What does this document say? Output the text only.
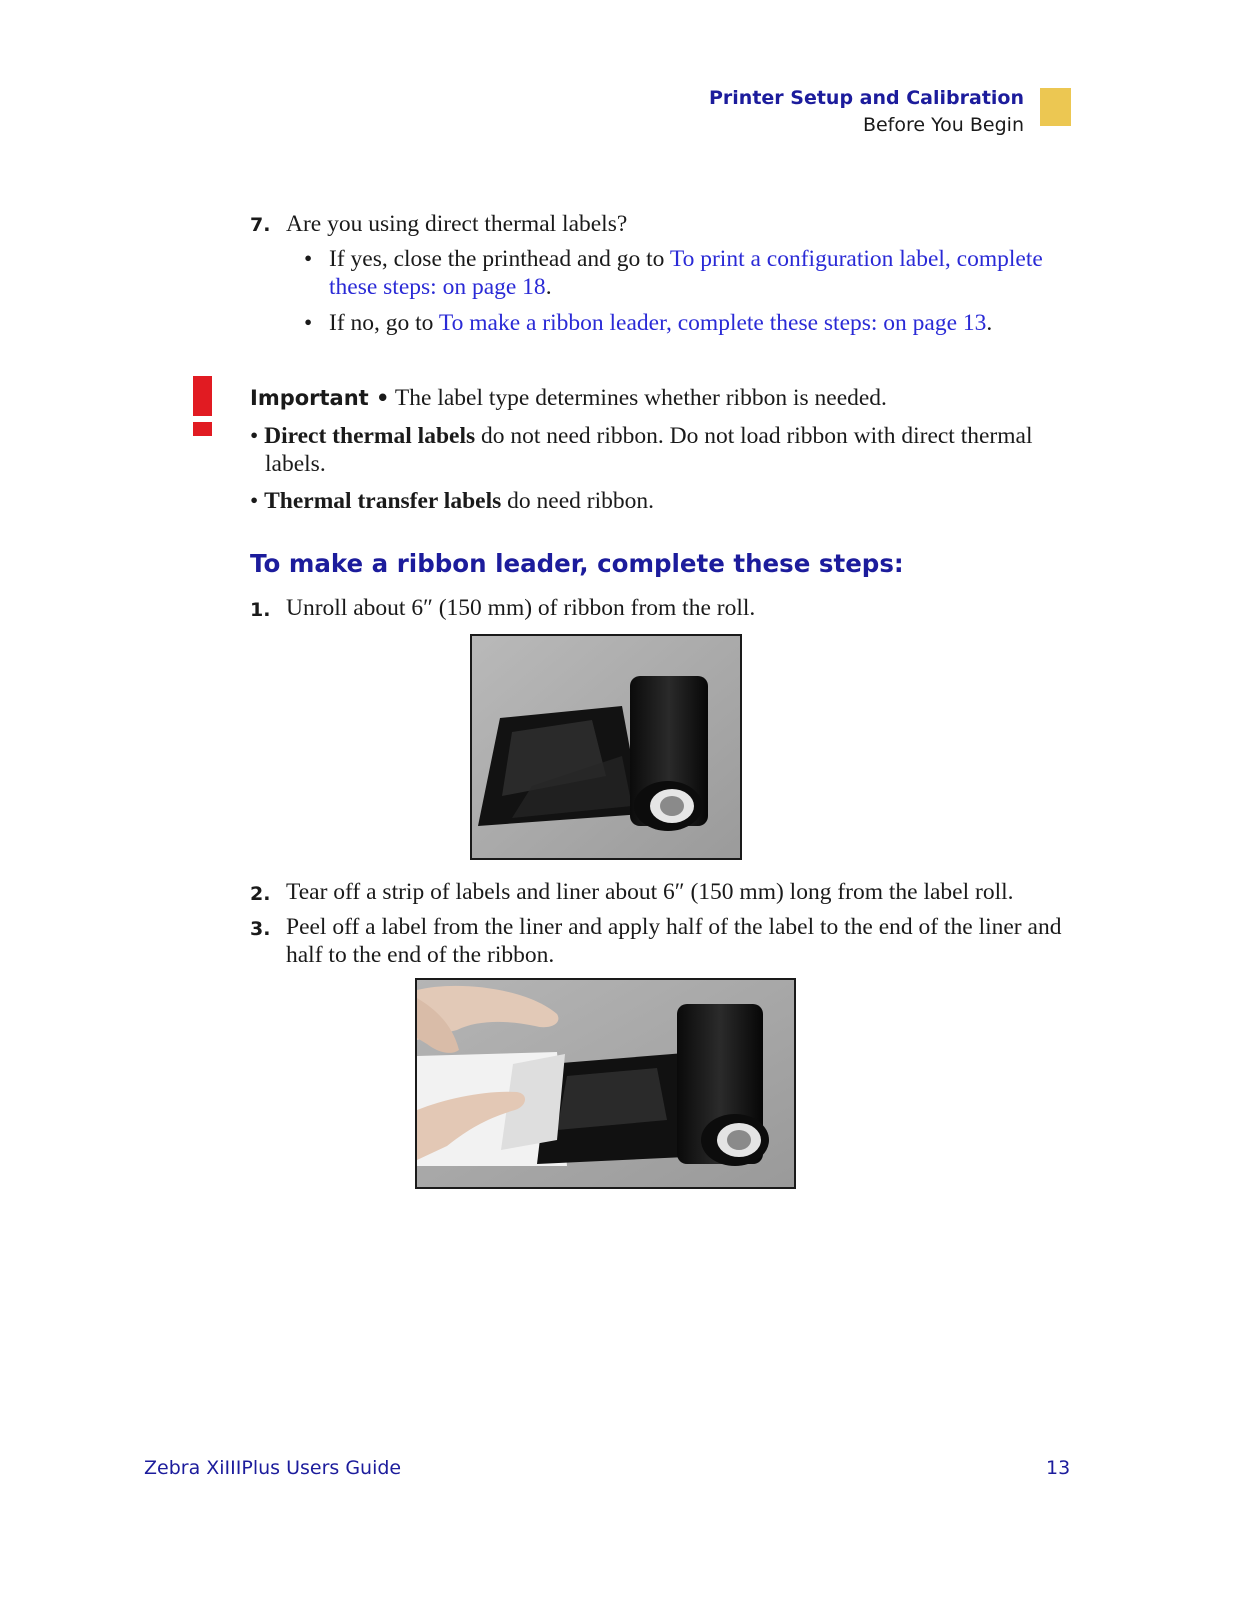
Printer Setup and Calibration
Before You Begin
7. Are you using direct thermal labels?
• If yes, close the printhead and go to To print a configuration label, complete
these steps: on page 18.
• If no, go to To make a ribbon leader, complete these steps: on page 13.
Important • The label type determines whether ribbon is needed.
• Direct thermal labels do not need ribbon. Do not load ribbon with direct thermal
labels.
• Thermal transfer labels do need ribbon.
To make a ribbon leader, complete these steps:
1. Unroll about 6″ (150 mm) of ribbon from the roll.
2. Tear off a strip of labels and liner about 6″ (150 mm) long from the label roll.
3. Peel off a label from the liner and apply half of the label to the end of the liner and
half to the end of the ribbon.
Zebra XiIIIPlus Users Guide	13
